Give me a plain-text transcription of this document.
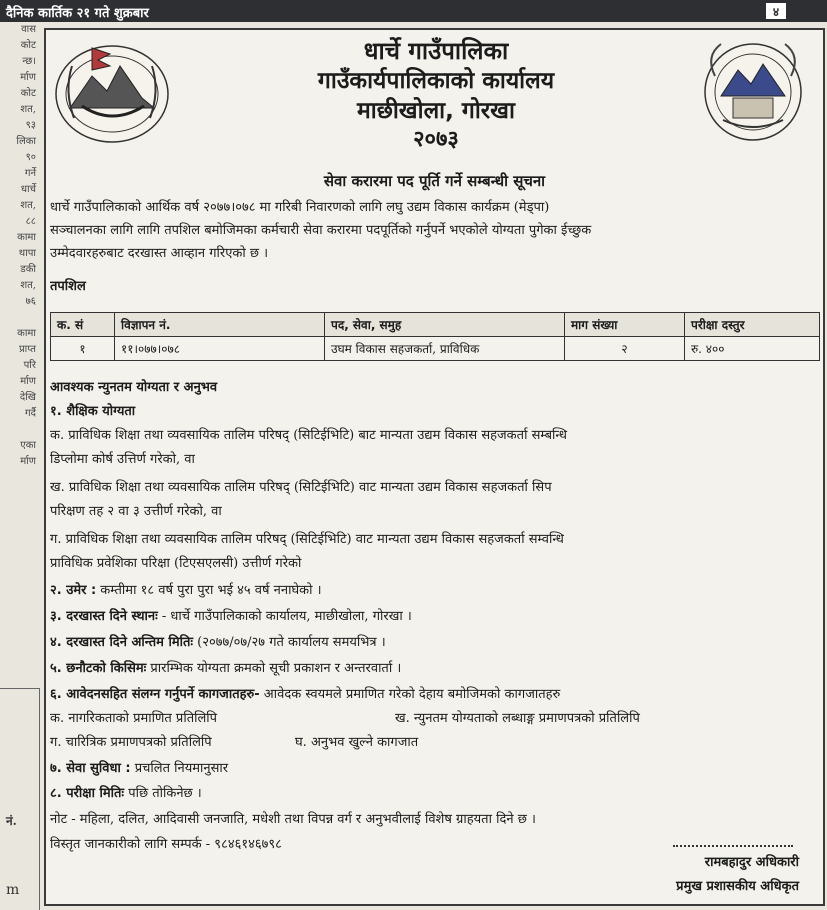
दैनिक कार्तिक २१ गते शुक्रबार	४
वास
कोट
न्छ।
र्माण
कोट
शत,
९३
लिका
९०
गर्ने
धार्चे
शत,
८८
कामा
थापा
डकी
शत,
७६

कामा
प्राप्त
परि
र्माण
देखि
गर्दै

एका
र्माण
नं.
m
धार्चे गाउँपालिका
गाउँकार्यपालिकाको कार्यालय
माछीखोला, गोरखा
२०७३
सेवा करारमा पद पूर्ति गर्ने सम्बन्धी सूचना
धार्चे गाउँपालिकाको आर्थिक वर्ष २०७७।०७८ मा गरिबी निवारणको लागि लघु उद्यम विकास कार्यक्रम (मेड्पा)
सञ्चालनका लागि लागि तपशिल बमोजिमका कर्मचारी सेवा करारमा पदपूर्तिको गर्नुपर्ने भएकोले योग्यता पुगेका ईच्छुक
उम्मेदवारहरुबाट दरखास्त आव्हान गरिएको छ ।
तपशिल
क. सं	विज्ञापन नं.	पद, सेवा, समुह	माग संख्या	परीक्षा दस्तुर
१	११।०७७।०७८	उघम विकास सहजकर्ता, प्राविधिक	२	रु. ४००
आवश्यक न्युनतम योग्यता र अनुभव
१. शैक्षिक योग्यता
क. प्राविधिक शिक्षा तथा व्यवसायिक तालिम परिषद् (सिटिईभिटि) बाट मान्यता उद्यम विकास सहजकर्ता सम्बन्धि
डिप्लोमा कोर्ष उत्तिर्ण गरेको, वा
ख. प्राविधिक शिक्षा तथा व्यवसायिक तालिम परिषद् (सिटिईभिटि) वाट मान्यता उद्यम विकास सहजकर्ता सिप
परिक्षण तह २ वा ३ उत्तीर्ण गरेको, वा
ग. प्राविधिक शिक्षा तथा व्यवसायिक तालिम परिषद् (सिटिईभिटि) वाट मान्यता उद्यम विकास सहजकर्ता सम्वन्धि
प्राविधिक प्रवेशिका परिक्षा (टिएसएलसी) उत्तीर्ण गरेको
२. उमेर : कम्तीमा १८ वर्ष पुरा पुरा भई ४५ वर्ष ननाघेको ।
३. दरखास्त दिने स्थानः - धार्चे गाउँपालिकाको कार्यालय, माछीखोला, गोरखा ।
४. दरखास्त दिने अन्तिम मितिः (२०७७/०७/२७ गते कार्यालय समयभित्र ।
५. छनौटको किसिमः प्रारम्भिक योग्यता क्रमको सूची प्रकाशन र अन्तरवार्ता ।
६. आवेदनसहित संलग्न गर्नुपर्ने कागजातहरु- आवेदक स्वयमले प्रमाणित गरेको देहाय बमोजिमको कागजातहरु
क. नागरिकताको प्रमाणित प्रतिलिपि	ख. न्युनतम योग्यताको लब्धाङ्ग प्रमाणपत्रको प्रतिलिपि
ग. चारित्रिक प्रमाणपत्रको प्रतिलिपि	घ. अनुभव खुल्ने कागजात
७. सेवा सुविधा : प्रचलित नियमानुसार
८. परीक्षा मितिः पछि तोकिनेछ ।
नोट - महिला, दलित, आदिवासी जनजाति, मधेशी तथा विपन्न वर्ग र अनुभवीलाई विशेष ग्राहयता दिने छ ।
विस्तृत जानकारीको लागि सम्पर्क - ९८४६१४६७९८
रामबहादुर अधिकारी
प्रमुख प्रशासकीय अधिकृत
